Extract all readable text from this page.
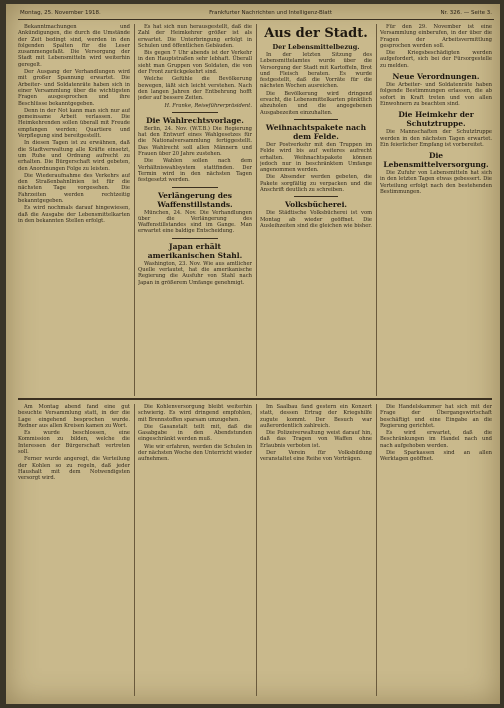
Montag, 25. November 1918.	Frankfurter Nachrichten und Intelligenz-Blatt	Nr. 326. — Seite 3.

Bekanntmachungen und Ankündigungen, die durch die Umstände der Zeit bedingt sind, werden in den folgenden Spalten für die Leser zusammengefaßt. Die Versorgung der Stadt mit Lebensmitteln wird weiterhin geregelt.

Der Ausgang der Verhandlungen wird mit großer Spannung erwartet. Die Arbeiter- und Soldatenräte haben sich in einer Versammlung über die wichtigsten Fragen ausgesprochen und ihre Beschlüsse bekanntgegeben.

Denn in der Not kann man sich nur auf gemeinsame Arbeit verlassen. Die Heimkehrenden sollen überall mit Freude empfangen werden; Quartiere und Verpflegung sind bereitgestellt.

In diesen Tagen ist zu erwähnen, daß die Stadtverwaltung alle Kräfte einsetzt, um Ruhe und Ordnung aufrecht zu erhalten. Die Bürgerschaft wird gebeten, den Anordnungen Folge zu leisten.

Die Wiederaufnahme des Verkehrs auf den Straßenbahnlinien ist für die nächsten Tage vorgesehen. Die Fahrzeiten werden rechtzeitig bekanntgegeben.

Es wird nochmals darauf hingewiesen, daß die Ausgabe der Lebensmittelkarten in den bekannten Stellen erfolgt.

Es hat sich nun herausgestellt, daß die Zahl der Heimkehrer größer ist als erwartet. Die Unterbringung erfolgt in Schulen und öffentlichen Gebäuden.

Bis gegen 7 Uhr abends ist der Verkehr in den Hauptstraßen sehr lebhaft. Überall sieht man Gruppen von Soldaten, die von der Front zurückgekehrt sind.

Welche Gefühle die Bevölkerung bewegen, läßt sich leicht verstehen. Nach den langen Jahren der Entbehrung hofft jeder auf bessere Zeiten.

H. Franke, Reiseführerpräsident.

Die Wahlrechtsvorlage.

Berlin, 24. Nov. (W.T.B.) Die Regierung hat den Entwurf eines Wahlgesetzes für die Nationalversammlung fertiggestellt. Das Wahlrecht soll allen Männern und Frauen über 20 Jahre zustehen.

Die Wahlen sollen nach dem Verhältniswahlsystem stattfinden. Der Termin wird in den nächsten Tagen festgesetzt werden.

Verlängerung des Waffenstillstands.

München, 24. Nov. Die Verhandlungen über die Verlängerung des Waffenstillstandes sind im Gange. Man erwartet eine baldige Entscheidung.

Japan erhält amerikanischen Stahl.

Washington, 23. Nov. Wie aus amtlicher Quelle verlautet, hat die amerikanische Regierung die Ausfuhr von Stahl nach Japan in größerem Umfange genehmigt.

Aus der Stadt.
Der Lebensmittelbezug.

In der letzten Sitzung des Lebensmittelamtes wurde über die Versorgung der Stadt mit Kartoffeln, Brot und Fleisch beraten. Es wurde festgestellt, daß die Vorräte für die nächsten Wochen ausreichen.

Die Bevölkerung wird dringend ersucht, die Lebensmittelkarten pünktlich abzuholen und die angegebenen Ausgabezeiten einzuhalten.

Weihnachtspakete nach dem Felde.

Der Postverkehr mit den Truppen im Felde wird bis auf weiteres aufrecht erhalten. Weihnachtspakete können jedoch nur in beschränktem Umfange angenommen werden.

Die Absender werden gebeten, die Pakete sorgfältig zu verpacken und die Anschrift deutlich zu schreiben.

Volksbücherei.

Die Städtische Volksbücherei ist vom Montag ab wieder geöffnet. Die Ausleihzeiten sind die gleichen wie bisher.

Für den 29. November ist eine Versammlung einberufen, in der über die Fragen der Arbeitsvermittlung gesprochen werden soll.

Die Kriegsbeschädigten werden aufgefordert, sich bei der Fürsorgestelle zu melden.

Neue Verordnungen.

Die Arbeiter- und Soldatenräte haben folgende Bestimmungen erlassen, die ab sofort in Kraft treten und von allen Einwohnern zu beachten sind.

Die Heimkehr der Schutztruppe.

Die Mannschaften der Schutztruppe werden in den nächsten Tagen erwartet. Ein feierlicher Empfang ist vorbereitet.

Die Lebensmittelversorgung.

Die Zufuhr von Lebensmitteln hat sich in den letzten Tagen etwas gebessert. Die Verteilung erfolgt nach den bestehenden Bestimmungen.

Am Montag abend fand eine gut besuchte Versammlung statt, in der die Lage eingehend besprochen wurde. Redner aus allen Kreisen kamen zu Wort.

Es wurde beschlossen, eine Kommission zu bilden, welche die Interessen der Bürgerschaft vertreten soll.

Ferner wurde angeregt, die Verteilung der Kohlen so zu regeln, daß jeder Haushalt mit dem Notwendigsten versorgt wird.

Die Kohlenversorgung bleibt weiterhin schwierig. Es wird dringend empfohlen, mit Brennstoffen sparsam umzugehen.

Die Gasanstalt teilt mit, daß die Gasabgabe in den Abendstunden eingeschränkt werden muß.

Wie wir erfahren, werden die Schulen in der nächsten Woche den Unterricht wieder aufnehmen.

Im Saalbau fand gestern ein Konzert statt, dessen Ertrag der Kriegshilfe zugute kommt. Der Besuch war außerordentlich zahlreich.

Die Polizeiverwaltung weist darauf hin, daß das Tragen von Waffen ohne Erlaubnis verboten ist.

Der Verein für Volksbildung veranstaltet eine Reihe von Vorträgen.

Die Handelskammer hat sich mit der Frage der Übergangswirtschaft beschäftigt und eine Eingabe an die Regierung gerichtet.

Es wird erwartet, daß die Beschränkungen im Handel nach und nach aufgehoben werden.

Die Sparkassen sind an allen Werktagen geöffnet.
